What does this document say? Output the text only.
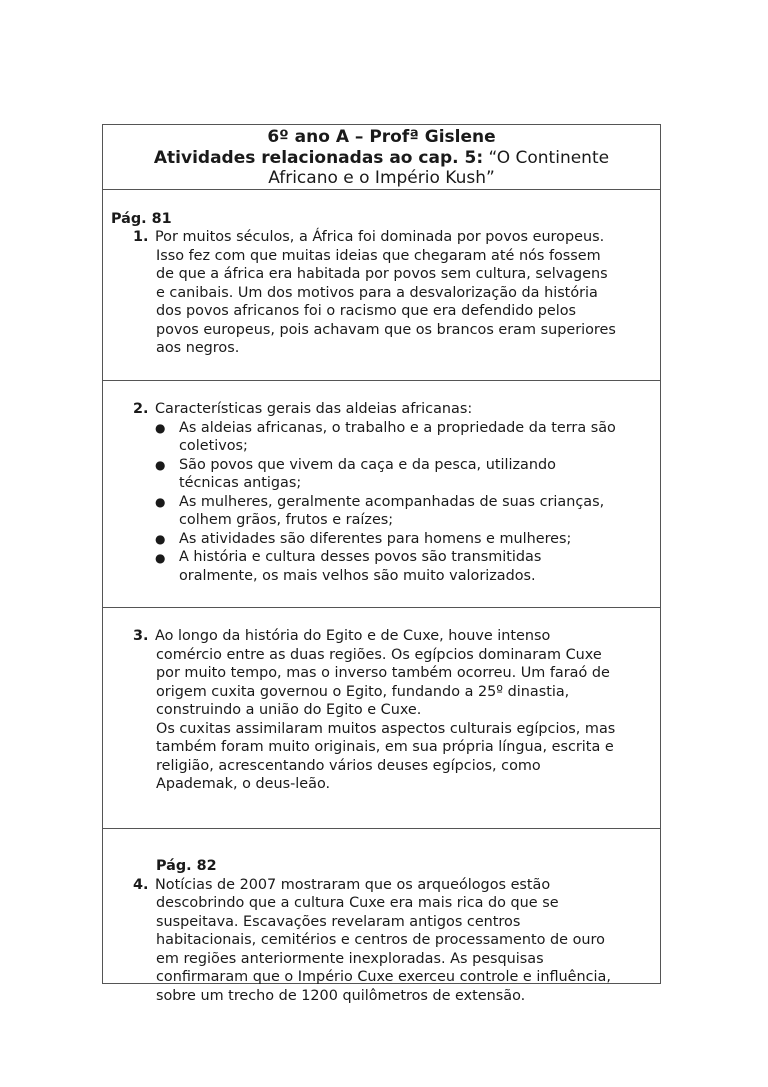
6º ano A – Profª Gislene
Atividades relacionadas ao cap. 5: “O Continente
Africano e o Império Kush”
Pág. 81
1. Por muitos séculos, a África foi dominada por povos europeus.
Isso fez com que muitas ideias que chegaram até nós fossem
de que a áfrica era habitada por povos sem cultura, selvagens
e canibais. Um dos motivos para a desvalorização da história
dos povos africanos foi o racismo que era defendido pelos
povos europeus, pois achavam que os brancos eram superiores
aos negros.
2. Características gerais das aldeias africanas:
● As aldeias africanas, o trabalho e a propriedade da terra são
coletivos;
● São povos que vivem da caça e da pesca, utilizando
técnicas antigas;
● As mulheres, geralmente acompanhadas de suas crianças,
colhem grãos, frutos e raízes;
● As atividades são diferentes para homens e mulheres;
● A história e cultura desses povos são transmitidas
oralmente, os mais velhos são muito valorizados.
3. Ao longo da história do Egito e de Cuxe, houve intenso
comércio entre as duas regiões. Os egípcios dominaram Cuxe
por muito tempo, mas o inverso também ocorreu. Um faraó de
origem cuxita governou o Egito, fundando a 25º dinastia,
construindo a união do Egito e Cuxe.
Os cuxitas assimilaram muitos aspectos culturais egípcios, mas
também foram muito originais, em sua própria língua, escrita e
religião, acrescentando vários deuses egípcios, como
Apademak, o deus-leão.
Pág. 82
4. Notícias de 2007 mostraram que os arqueólogos estão
descobrindo que a cultura Cuxe era mais rica do que se
suspeitava. Escavações revelaram antigos centros
habitacionais, cemitérios e centros de processamento de ouro
em regiões anteriormente inexploradas. As pesquisas
confirmaram que o Império Cuxe exerceu controle e influência,
sobre um trecho de 1200 quilômetros de extensão.
